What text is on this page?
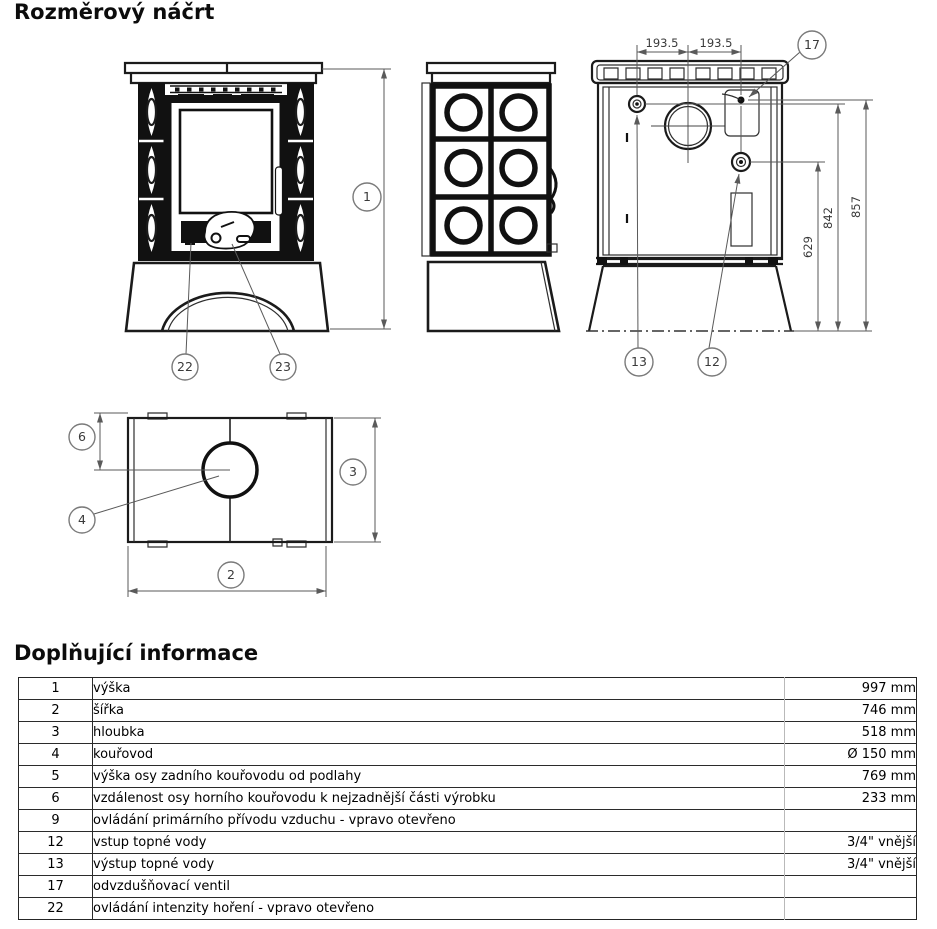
Rozměrový náčrt
1
22	23
193.5 193.5
629
842
857
17
13	12
6
4
3
2
Doplňující informace
1	výška	997 mm
2	šířka	746 mm
3	hloubka	518 mm
4	kouřovod	Ø 150 mm
5	výška osy zadního kouřovodu od podlahy	769 mm
6	vzdálenost osy horního kouřovodu k nejzadnější části výrobku	233 mm
9	ovládání primárního přívodu vzduchu - vpravo otevřeno	
12	vstup topné vody	3/4" vnější
13	výstup topné vody	3/4" vnější
17	odvzdušňovací ventil	
22	ovládání intenzity hoření - vpravo otevřeno	
